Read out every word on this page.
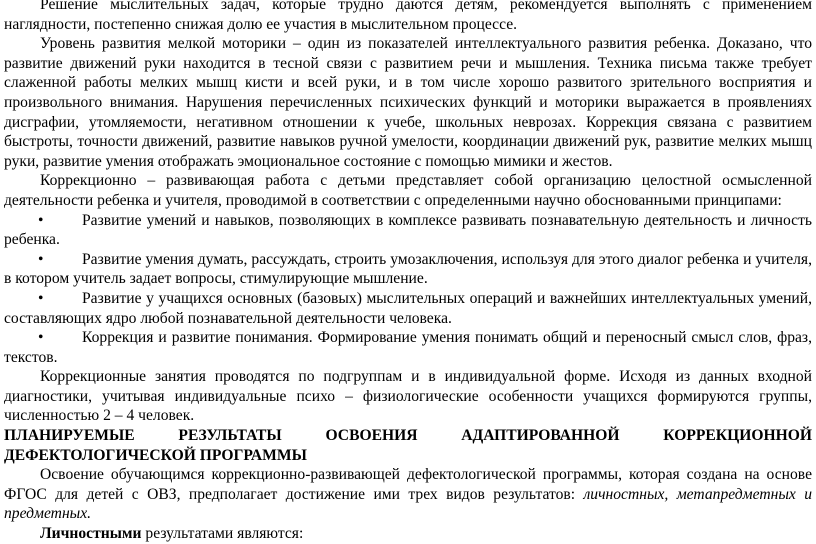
Решение мыслительных задач, которые трудно даются детям, рекомендуется выполнять с применением наглядности, постепенно снижая долю ее участия в мыслительном процессе.

Уровень развития мелкой моторики – один из показателей интеллектуального развития ребенка. Доказано, что развитие движений руки находится в тесной связи с развитием речи и мышления. Техника письма также требует слаженной работы мелких мышц кисти и всей руки, и в том числе хорошо развитого зрительного восприятия и произвольного внимания. Нарушения перечисленных психических функций и моторики выражается в проявлениях дисграфии, утомляемости, негативном отношении к учебе, школьных неврозах. Коррекция связана с развитием быстроты, точности движений, развитие навыков ручной умелости, координации движений рук, развитие мелких мышц руки, развитие умения отображать эмоциональное состояние с помощью мимики и жестов.

Коррекционно – развивающая работа с детьми представляет собой организацию целостной осмысленной деятельности ребенка и учителя, проводимой в соответствии с определенными научно обоснованными принципами:

• Развитие умений и навыков, позволяющих в комплексе развивать познавательную деятельность и личность ребенка.

• Развитие умения думать, рассуждать, строить умозаключения, используя для этого диалог ребенка и учителя, в котором учитель задает вопросы, стимулирующие мышление.

• Развитие у учащихся основных (базовых) мыслительных операций и важнейших интеллектуальных умений, составляющих ядро любой познавательной деятельности человека.

• Коррекция и развитие понимания. Формирование умения понимать общий и переносный смысл слов, фраз, текстов.

Коррекционные занятия проводятся по подгруппам и в индивидуальной форме. Исходя из данных входной диагностики, учитывая индивидуальные психо – физиологические особенности учащихся формируются группы, численностью 2 – 4 человек.

ПЛАНИРУЕМЫЕ РЕЗУЛЬТАТЫ ОСВОЕНИЯ АДАПТИРОВАННОЙ КОРРЕКЦИОННОЙ ДЕФЕКТОЛОГИЧЕСКОЙ ПРОГРАММЫ

Освоение обучающимся коррекционно-развивающей дефектологической программы, которая создана на основе ФГОС для детей с ОВЗ, предполагает достижение ими трех видов результатов: личностных, метапредметных и предметных.

Личностными результатами являются:
